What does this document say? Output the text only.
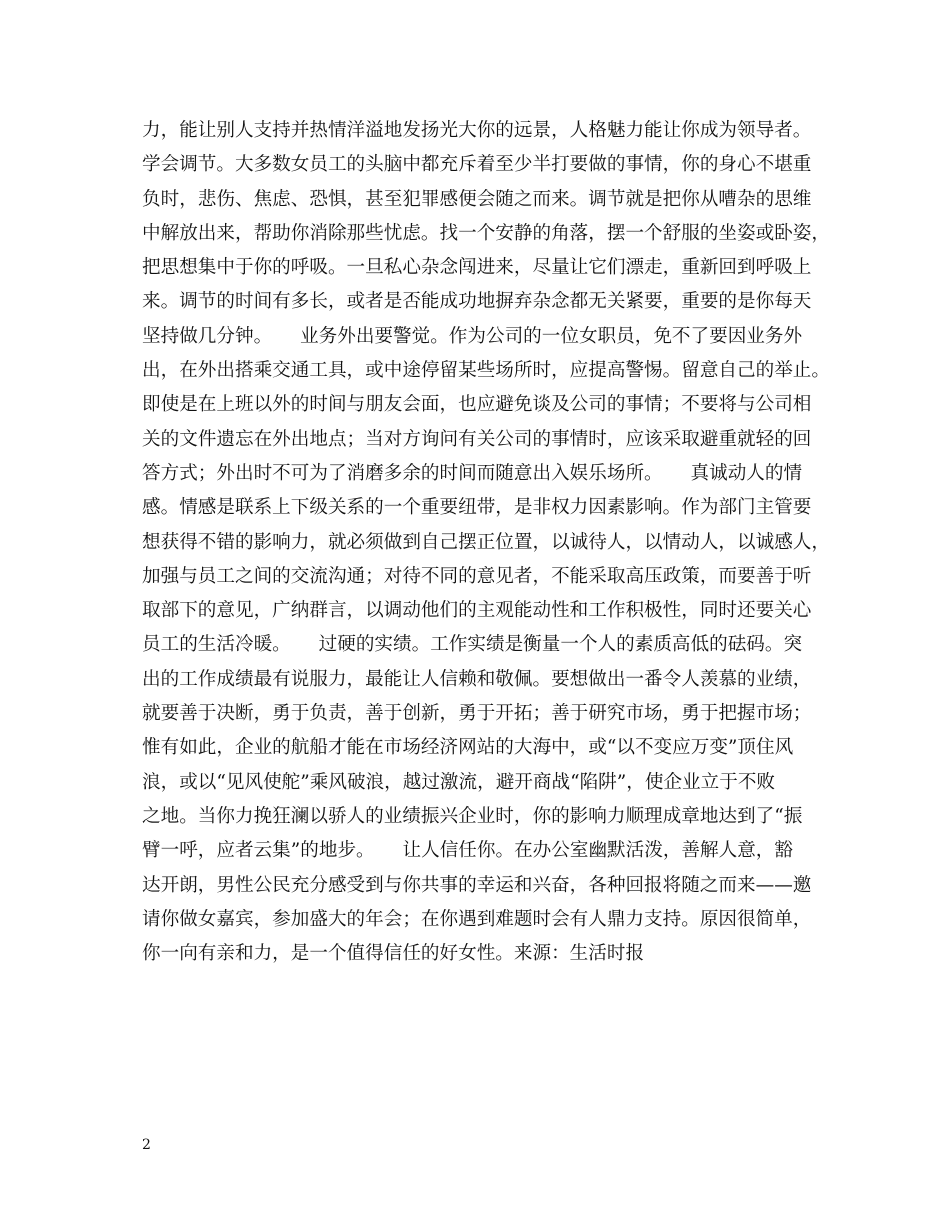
力，能让别人支持并热情洋溢地发扬光大你的远景，人格魅力能让你成为领导者。
学会调节。大多数女员工的头脑中都充斥着至少半打要做的事情，你的身心不堪重
负时，悲伤、焦虑、恐惧，甚至犯罪感便会随之而来。调节就是把你从嘈杂的思维
中解放出来，帮助你消除那些忧虑。找一个安静的角落，摆一个舒服的坐姿或卧姿，
把思想集中于你的呼吸。一旦私心杂念闯进来，尽量让它们漂走，重新回到呼吸上
来。调节的时间有多长，或者是否能成功地摒弃杂念都无关紧要，重要的是你每天
坚持做几分钟。　　业务外出要警觉。作为公司的一位女职员，免不了要因业务外
出，在外出搭乘交通工具，或中途停留某些场所时，应提高警惕。留意自己的举止。
即使是在上班以外的时间与朋友会面，也应避免谈及公司的事情；不要将与公司相
关的文件遗忘在外出地点；当对方询问有关公司的事情时，应该采取避重就轻的回
答方式；外出时不可为了消磨多余的时间而随意出入娱乐场所。　　真诚动人的情
感。情感是联系上下级关系的一个重要纽带，是非权力因素影响。作为部门主管要
想获得不错的影响力，就必须做到自己摆正位置，以诚待人，以情动人，以诚感人，
加强与员工之间的交流沟通；对待不同的意见者，不能采取高压政策，而要善于听
取部下的意见，广纳群言，以调动他们的主观能动性和工作积极性，同时还要关心
员工的生活冷暖。　　过硬的实绩。工作实绩是衡量一个人的素质高低的砝码。突
出的工作成绩最有说服力，最能让人信赖和敬佩。要想做出一番令人羡慕的业绩，
就要善于决断，勇于负责，善于创新，勇于开拓；善于研究市场，勇于把握市场；
惟有如此，企业的航船才能在市场经济网站的大海中，或“以不变应万变”顶住风
浪，或以“见风使舵”乘风破浪，越过激流，避开商战“陷阱”，使企业立于不败
之地。当你力挽狂澜以骄人的业绩振兴企业时，你的影响力顺理成章地达到了“振
臂一呼，应者云集”的地步。　　让人信任你。在办公室幽默活泼，善解人意，豁
达开朗，男性公民充分感受到与你共事的幸运和兴奋，各种回报将随之而来——邀
请你做女嘉宾，参加盛大的年会；在你遇到难题时会有人鼎力支持。原因很简单，
你一向有亲和力，是一个值得信任的好女性。来源：生活时报
2
